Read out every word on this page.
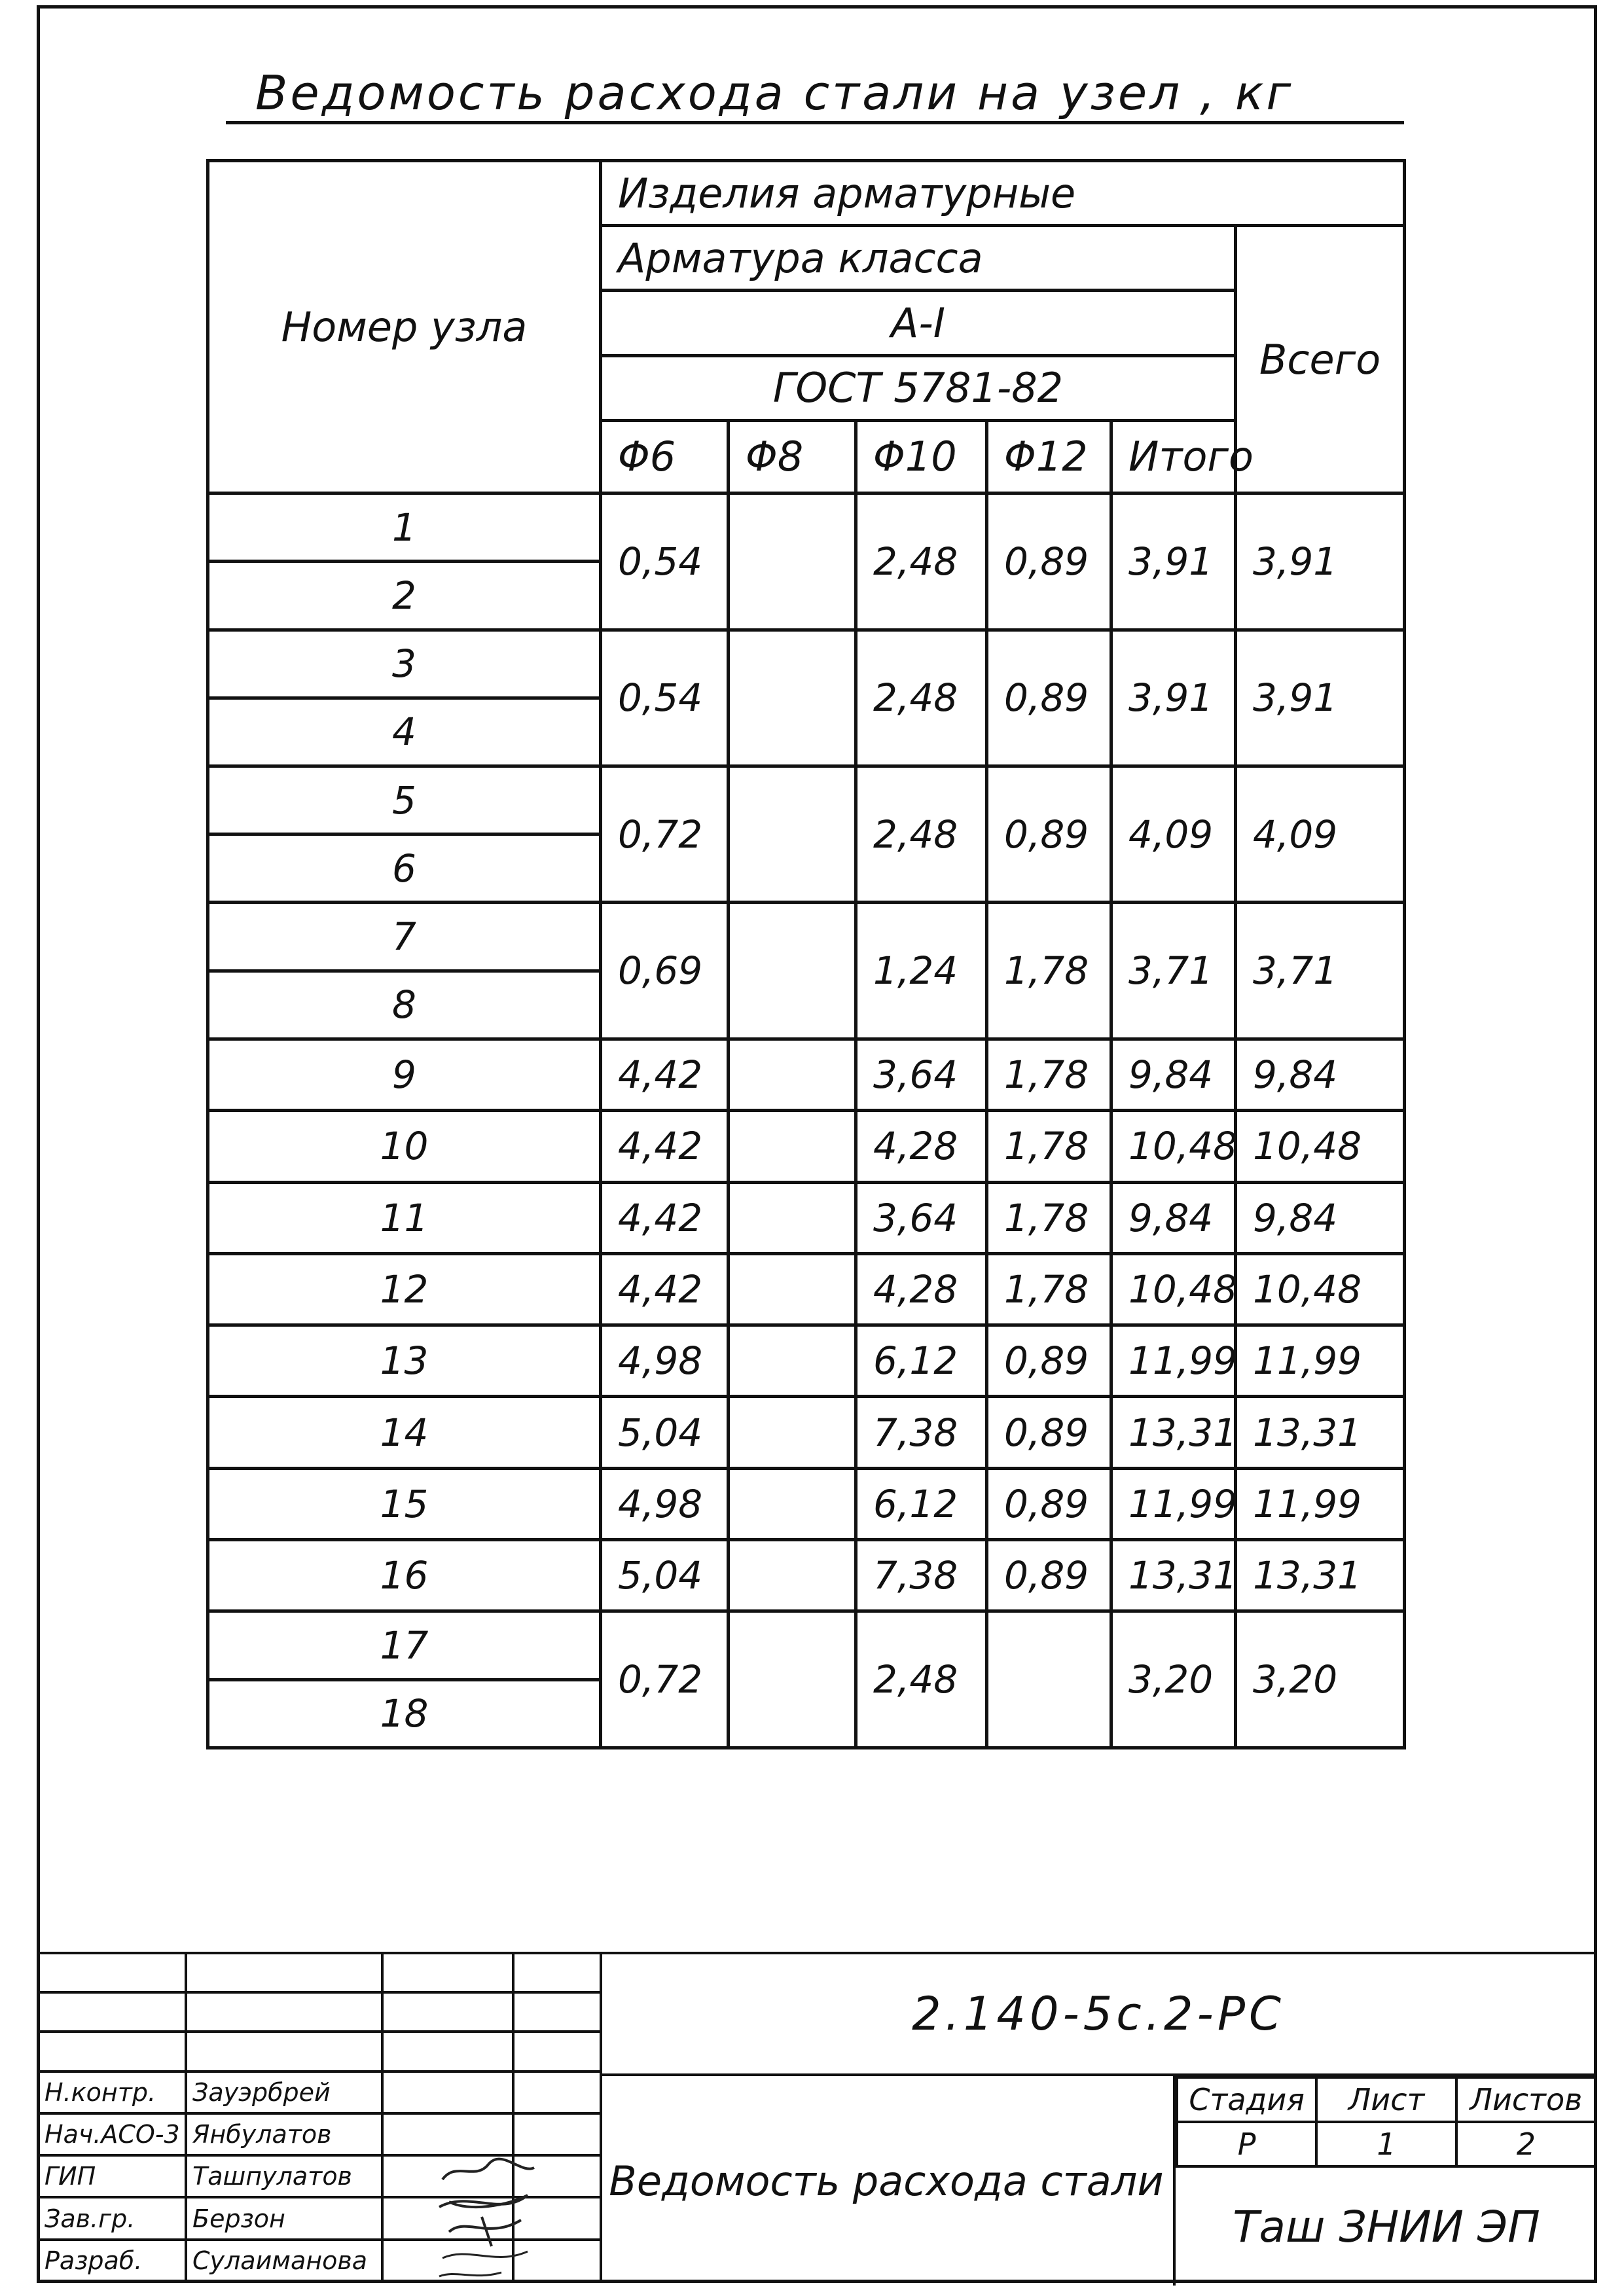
Ведомость расхода стали на узел , кг
Номер узла	Изделия арматурные					
	Арматура класса					Всего
	A-I					
	ГОСТ 5781-82					
	Φ6	Φ8	Φ10	Φ12	Итого	
1	0,54		2,48	0,89	3,91	3,91
2						
3	0,54		2,48	0,89	3,91	3,91
4						
5	0,72		2,48	0,89	4,09	4,09
6						
7	0,69		1,24	1,78	3,71	3,71
8						
9	4,42		3,64	1,78	9,84	9,84
10	4,42		4,28	1,78	10,48	10,48
11	4,42		3,64	1,78	9,84	9,84
12	4,42		4,28	1,78	10,48	10,48
13	4,98		6,12	0,89	11,99	11,99
14	5,04		7,38	0,89	13,31	13,31
15	4,98		6,12	0,89	11,99	11,99
16	5,04		7,38	0,89	13,31	13,31
17	0,72		2,48		3,20	3,20
18						

Н.контр.	Зауэрбрей		
Нач.АСО-3	Янбулатов		
ГИП	Ташпулатов		
Зав.гр.	Берзон		
Разраб.	Сулаиманова		
2.140-5c.2-PC
Ведомость расхода стали
Стадия	Лист	Листов
Р	1	2
Таш ЗНИИ ЭП
